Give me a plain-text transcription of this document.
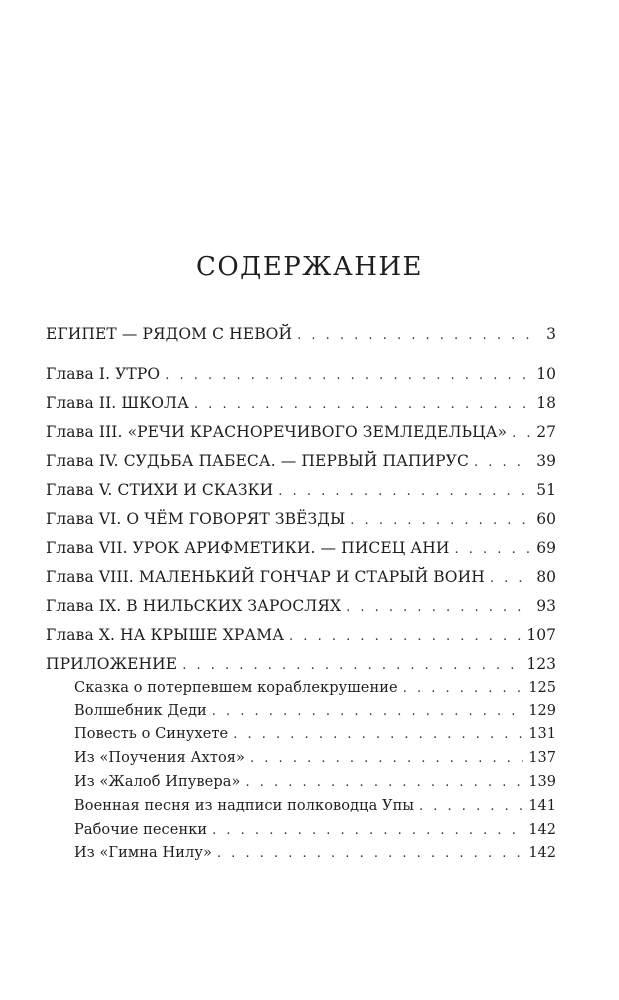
СОДЕРЖАНИЕ
ЕГИПЕТ — РЯДОМ С НЕВОЙ . . .	3
Глава I. УТРО . . .	10
Глава II. ШКОЛА . . .	18
Глава III. «РЕЧИ КРАСНОРЕЧИВОГО ЗЕМЛЕДЕЛЬЦА» . . . 27
Глава IV. СУДЬБА ПАБЕСА. — ПЕРВЫЙ ПАПИРУС . . .	39
Глава V. СТИХИ И СКАЗКИ . . .	51
Глава VI. О ЧЁМ ГОВОРЯТ ЗВЁЗДЫ . . .	60
Глава VII. УРОК АРИФМЕТИКИ. — ПИСЕЦ АНИ . . .	69
Глава VIII. МАЛЕНЬКИЙ ГОНЧАР И СТАРЫЙ ВОИН . . .	80
Глава IX. В НИЛЬСКИХ ЗАРОСЛЯХ . . .	93
Глава X. НА КРЫШЕ ХРАМА . . .	107
ПРИЛОЖЕНИЕ . . .	123
Сказка о потерпевшем кораблекрушение . . .	125
Волшебник Деди . . .	129
Повесть о Синухете . . .	131
Из «Поучения Ахтоя» . . .	137
Из «Жалоб Ипувера» . . .	139
Военная песня из надписи полководца Упы . . .	141
Рабочие песенки . . .	142
Из «Гимна Нилу» . . .	142
